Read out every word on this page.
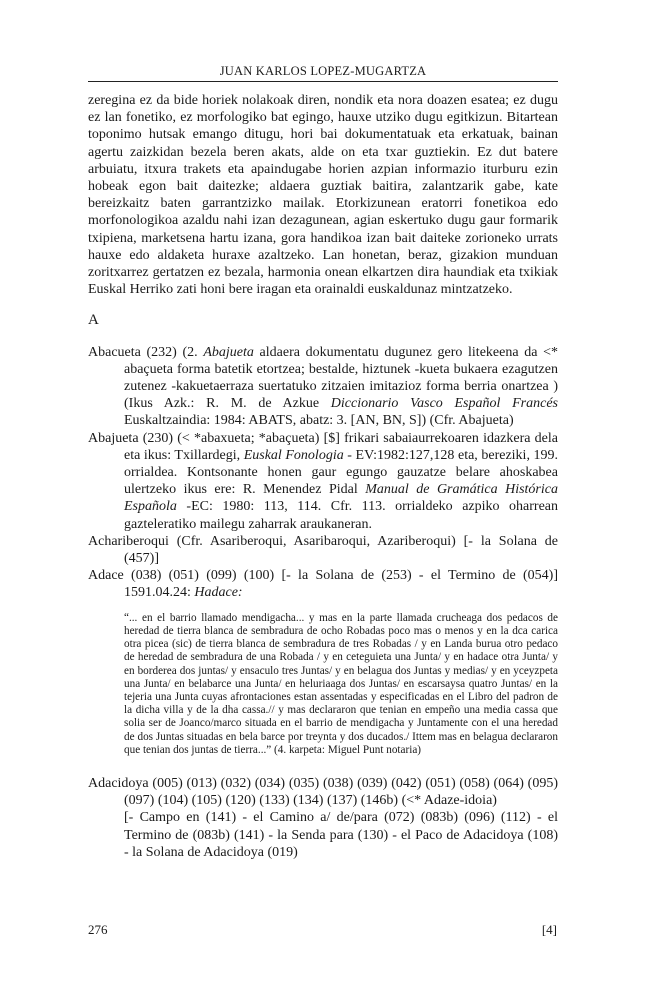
JUAN KARLOS LOPEZ-MUGARTZA

zeregina ez da bide horiek nolakoak diren, nondik eta nora doazen esatea; ez dugu ez lan fonetiko, ez morfologiko bat egingo, hauxe utziko dugu egitkizun. Bitartean toponimo hutsak emango ditugu, hori bai dokumentatuak eta erkatuak, bainan agertu zaizkidan bezela beren akats, alde on eta txar guztiekin. Ez dut batere arbuiatu, itxura trakets eta apaindugabe horien azpian informazio iturburu ezin hobeak egon bait daitezke; aldaera guztiak baitira, zalantzarik gabe, kate bereizkaitz baten garrantzizko mailak. Etorkizunean eratorri fonetikoa edo morfonologikoa azaldu nahi izan dezagunean, agian eskertuko dugu gaur formarik txipiena, marketsena hartu izana, gora handikoa izan bait daiteke zorioneko urrats hauxe edo aldaketa huraxe azaltzeko. Lan honetan, beraz, gizakion munduan zoritxarrez gertatzen ez bezala, harmonia onean elkartzen dira haundiak eta txikiak Euskal Herriko zati honi bere iragan eta orainaldi euskaldunaz mintzatzeko.

A

Abacueta (232) (2. Abajueta aldaera dokumentatu dugunez gero litekeena da <* abaçueta forma batetik etortzea; bestalde, hiztunek -kueta bukaera ezagutzen zutenez -kakuetaerraza suertatuko zitzaien imitazioz forma berria onartzea ) (Ikus Azk.: R. M. de Azkue Diccionario Vasco Español Francés Euskaltzaindia: 1984: ABATS, abatz: 3. [AN, BN, S]) (Cfr. Abajueta)

Abajueta (230) (< *abaxueta; *abaçueta) [$] frikari sabaiaurrekoaren idazkera dela eta ikus: Txillardegi, Euskal Fonologia - EV:1982:127,128 eta, bereziki, 199. orrialdea. Kontsonante honen gaur egungo gauzatze belare ahoskabea ulertzeko ikus ere: R. Menendez Pidal Manual de Gramática Histórica Española -EC: 1980: 113, 114. Cfr. 113. orrialdeko azpiko oharrean gazteleratiko mailegu zaharrak araukaneran.

Achariberoqui (Cfr. Asariberoqui, Asaribaroqui, Azariberoqui) [- la Solana de (457)]

Adace (038) (051) (099) (100) [- la Solana de (253) - el Termino de (054)] 1591.04.24: Hadace:

“... en el barrio llamado mendigacha... y mas en la parte llamada crucheaga dos pedacos de heredad de tierra blanca de sembradura de ocho Robadas poco mas o menos y en la dca carica otra picea (sic) de tierra blanca de sembradura de tres Robadas / y en Landa burua otro pedaco de heredad de sembradura de una Robada / y en ceteguieta una Junta/ y en hadace otra Junta/ y en borderea dos juntas/ y ensaculo tres Juntas/ y en belagua dos Juntas y medias/ y en yceyzpeta una Junta/ en belabarce una Junta/ en heluriaaga dos Juntas/ en escarsaysa quatro Juntas/ en la tejeria una Junta cuyas afrontaciones estan assentadas y especificadas en el Libro del padron de la dicha villa y de la dha cassa.// y mas declararon que tenian en empeño una media cassa que solia ser de Joanco/marco situada en el barrio de mendigacha y Juntamente con el una heredad de dos Juntas situadas en bela barce por treynta y dos ducados./ Ittem mas en belagua declararon que tenian dos juntas de tierra...” (4. karpeta: Miguel Punt notaria)

Adacidoya (005) (013) (032) (034) (035) (038) (039) (042) (051) (058) (064) (095) (097) (104) (105) (120) (133) (134) (137) (146b) (<* Adaze-idoia)

[- Campo en (141) - el Camino a/ de/para (072) (083b) (096) (112) - el Termino de (083b) (141) - la Senda para (130) - el Paco de Adacidoya (108) - la Solana de Adacidoya (019)

276	[4]
